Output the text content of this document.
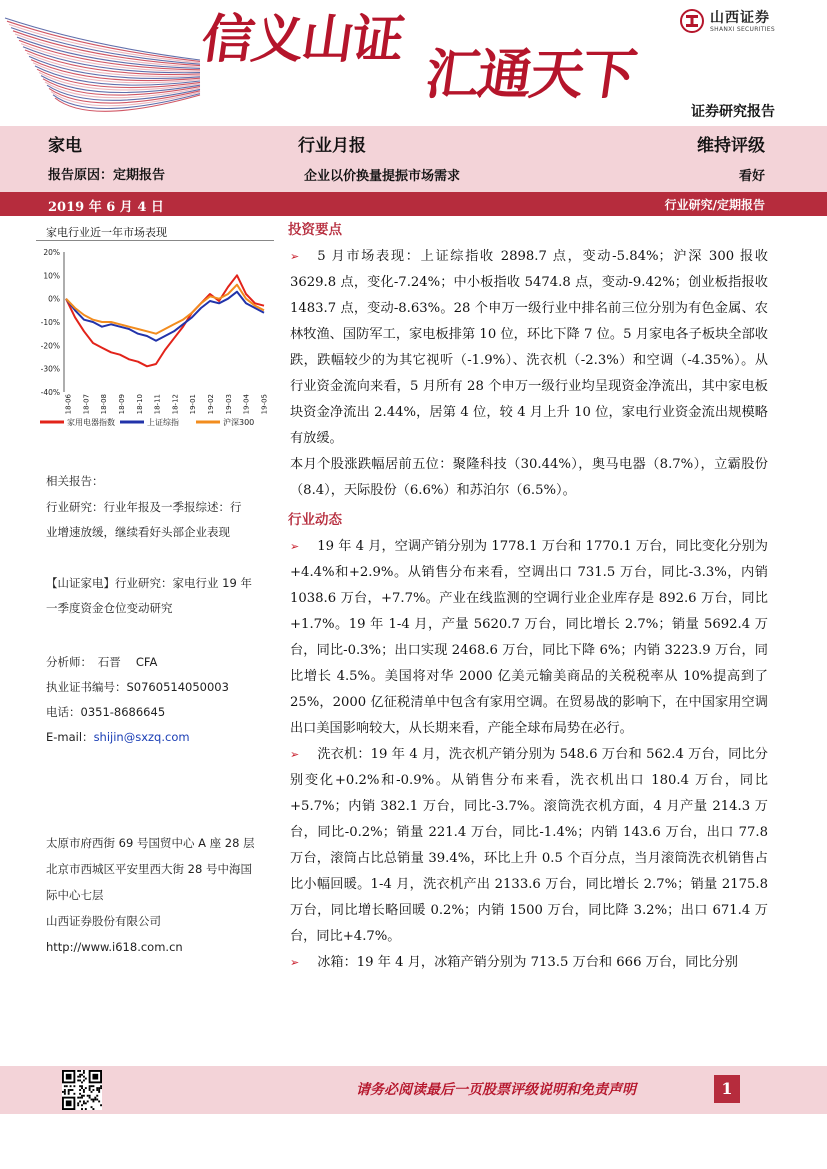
信义山证
汇通天下
山西证券
SHANXI SECURITIES
证券研究报告
家电	行业月报	维持评级
报告原因：定期报告	企业以价换量提振市场需求	看好
2019 年 6 月 4 日	行业研究/定期报告
家电行业近一年市场表现
20%
10%
0%
-10%
-20%
-30%
-40%
18-06 18-07 18-08 18-09 18-10 18-11 18-12 19-01 19-02 19-03 19-04 19-05
家用电器指数	上证综指	沪深300
相关报告：
行业研究：行业年报及一季报综述：行
业增速放缓，继续看好头部企业表现
【山证家电】行业研究：家电行业 19 年
一季度资金仓位变动研究
分析师：　石晋　 CFA
执业证书编号：S0760514050003
电话：0351-8686645
E-mail：shijin@sxzq.com
太原市府西街 69 号国贸中心 A 座 28 层
北京市西城区平安里西大街 28 号中海国
际中心七层
山西证券股份有限公司
http://www.i618.com.cn
投资要点

➢ 5 月市场表现：上证综指收 2898.7 点，变动-5.84%；沪深 300 报收 3629.8 点，变化-7.24%；中小板指收 5474.8 点，变动-9.42%；创业板指报收 1483.7 点，变动-8.63%。28 个申万一级行业中排名前三位分别为有色金属、农林牧渔、国防军工，家电板排第 10 位，环比下降 7 位。5 月家电各子板块全部收跌，跌幅较少的为其它视听（-1.9%）、洗衣机（-2.3%）和空调（-4.35%）。从行业资金流向来看，5 月所有 28 个申万一级行业均呈现资金净流出，其中家电板块资金净流出 2.44%，居第 4 位，较 4 月上升 10 位，家电行业资金流出规模略有放缓。

本月个股涨跌幅居前五位：聚隆科技（30.44%），奥马电器（8.7%），立霸股份（8.4），天际股份（6.6%）和苏泊尔（6.5%）。

行业动态

➢ 19 年 4 月，空调产销分别为 1778.1 万台和 1770.1 万台，同比变化分别为+4.4%和+2.9%。从销售分布来看，空调出口 731.5 万台，同比-3.3%，内销 1038.6 万台，+7.7%。产业在线监测的空调行业企业库存是 892.6 万台，同比+1.7%。19 年 1-4 月，产量 5620.7 万台，同比增长 2.7%；销量 5692.4 万台，同比-0.3%；出口实现 2468.6 万台，同比下降 6%；内销 3223.9 万台，同比增长 4.5%。美国将对华 2000 亿美元输美商品的关税税率从 10%提高到了 25%，2000 亿征税清单中包含有家用空调。在贸易战的影响下，在中国家用空调出口美国影响较大，从长期来看，产能全球布局势在必行。

➢ 洗衣机：19 年 4 月，洗衣机产销分别为 548.6 万台和 562.4 万台，同比分别变化+0.2%和-0.9%。从销售分布来看，洗衣机出口 180.4 万台，同比+5.7%；内销 382.1 万台，同比-3.7%。滚筒洗衣机方面，4 月产量 214.3 万台，同比-0.2%；销量 221.4 万台，同比-1.4%；内销 143.6 万台，出口 77.8 万台，滚筒占比总销量 39.4%，环比上升 0.5 个百分点，当月滚筒洗衣机销售占比小幅回暖。1-4 月，洗衣机产出 2133.6 万台，同比增长 2.7%；销量 2175.8 万台，同比增长略回暖 0.2%；内销 1500 万台，同比降 3.2%；出口 671.4 万台，同比+4.7%。

➢ 冰箱：19 年 4 月，冰箱产销分别为 713.5 万台和 666 万台，同比分别

请务必阅读最后一页股票评级说明和免责声明	1
